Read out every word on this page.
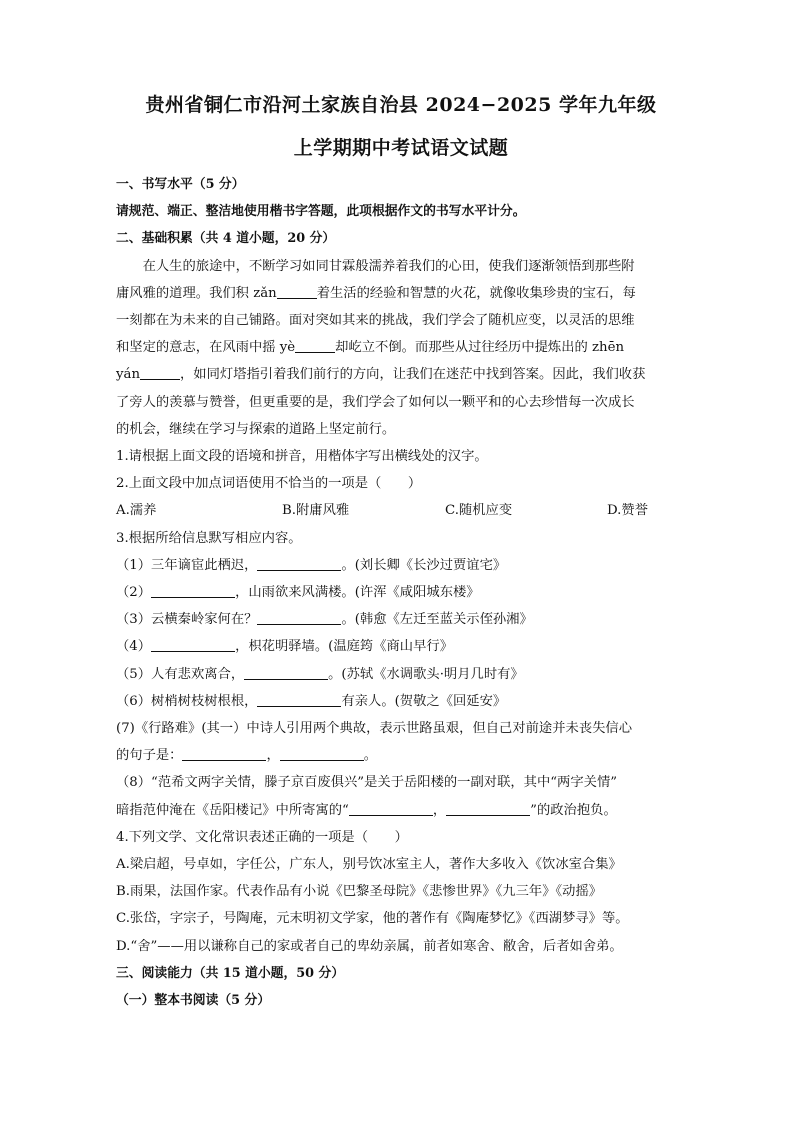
贵州省铜仁市沿河土家族自治县 2024−2025 学年九年级

上学期期中考试语文试题

一、书写水平（5 分）

请规范、端正、整洁地使用楷书字答题，此项根据作文的书写水平计分。

二、基础积累（共 4 道小题，20 分）

在人生的旅途中，不断学习如同甘霖般濡养着我们的心田，使我们逐渐领悟到那些附
庸风雅的道理。我们积 zǎn	着生活的经验和智慧的火花，就像收集珍贵的宝石，每
一刻都在为未来的自己铺路。面对突如其来的挑战，我们学会了随机应变，以灵活的思维
和坚定的意志，在风雨中摇 yè	却屹立不倒。而那些从过往经历中提炼出的 zhēn
yán	，如同灯塔指引着我们前行的方向，让我们在迷茫中找到答案。因此，我们收获
了旁人的羡慕与赞誉，但更重要的是，我们学会了如何以一颗平和的心去珍惜每一次成长
的机会，继续在学习与探索的道路上坚定前行。

1.请根据上面文段的语境和拼音，用楷体字写出横线处的汉字。

2.上面文段中加点词语使用不恰当的一项是（　　）

A.濡养	B.附庸风雅	C.随机应变	D.赞誉

3.根据所给信息默写相应内容。

（1）三年谪宦此栖迟，	。(刘长卿《长沙过贾谊宅》

（2）	，山雨欲来风满楼。(许浑《咸阳城东楼》

（3）云横秦岭家何在？	。(韩愈《左迁至蓝关示侄孙湘》

（4）	，枳花明驿墙。(温庭筠《商山早行》

（5）人有悲欢离合，	。(苏轼《水调歌头·明月几时有》

（6）树梢树枝树根根，	有亲人。(贺敬之《回延安》

(7)《行路难》(其一）中诗人引用两个典故，表示世路虽艰，但自己对前途并未丧失信心

的句子是：	，	。

（8）“范希文两字关情，滕子京百废俱兴”是关于岳阳楼的一副对联，其中“两字关情”

暗指范仲淹在《岳阳楼记》中所寄寓的“	，	”的政治抱负。

4.下列文学、文化常识表述正确的一项是（　　）

A.梁启超，号卓如，字任公，广东人，别号饮冰室主人，著作大多收入《饮冰室合集》

B.雨果，法国作家。代表作品有小说《巴黎圣母院》《悲惨世界》《九三年》《动摇》

C.张岱，字宗子，号陶庵，元末明初文学家，他的著作有《陶庵梦忆》《西湖梦寻》等。

D.“舍”——用以谦称自己的家或者自己的卑幼亲属，前者如寒舍、敝舍，后者如舍弟。

三、阅读能力（共 15 道小题，50 分）

（一）整本书阅读（5 分）
